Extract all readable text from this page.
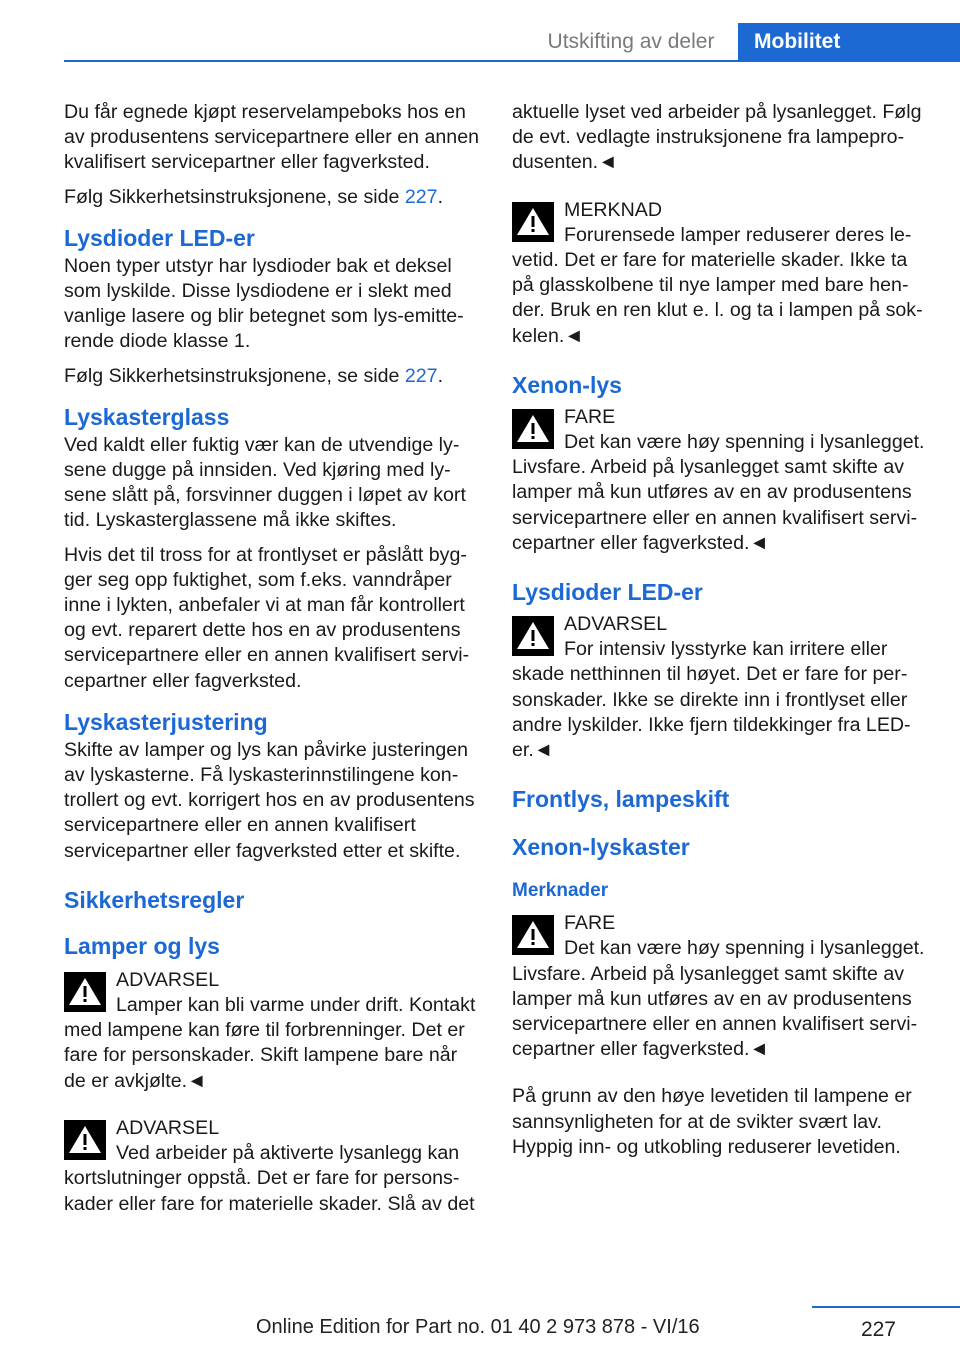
Utskifting av deler	Mobilitet

Du får egnede kjøpt reservelampeboks hos en av produsentens servicepartnere eller en annen kvalifisert servicepartner eller fagverksted.

Følg Sikkerhetsinstruksjonene, se side 227.

Lysdioder LED-er

Noen typer utstyr har lysdioder bak et deksel som lyskilde. Disse lysdiodene er i slekt med vanlige lasere og blir betegnet som lys-emitterende diode klasse 1.

Følg Sikkerhetsinstruksjonene, se side 227.

Lyskasterglass

Ved kaldt eller fuktig vær kan de utvendige lysene dugge på innsiden. Ved kjøring med lysene slått på, forsvinner duggen i løpet av kort tid. Lyskasterglassene må ikke skiftes.

Hvis det til tross for at frontlyset er påslått bygger seg opp fuktighet, som f.eks. vanndråper inne i lykten, anbefaler vi at man får kontrollert og evt. reparert dette hos en av produsentens servicepartnere eller en annen kvalifisert servicepartner eller fagverksted.

Lyskasterjustering

Skifte av lamper og lys kan påvirke justeringen av lyskasterne. Få lyskasterinnstilingene kontrollert og evt. korrigert hos en av produsentens servicepartnere eller en annen kvalifisert servicepartner eller fagverksted etter et skifte.

Sikkerhetsregler
Lamper og lys
ADVARSEL
Lamper kan bli varme under drift. Kontakt med lampene kan føre til forbrenninger. Det er fare for personskader. Skift lampene bare når de er avkjølte.◄
ADVARSEL
Ved arbeider på aktiverte lysanlegg kan kortslutninger oppstå. Det er fare for personskader eller fare for materielle skader. Slå av det

aktuelle lyset ved arbeider på lysanlegget. Følg de evt. vedlagte instruksjonene fra lampeprodusenten.◄

MERKNAD
Forurensede lamper reduserer deres levetid. Det er fare for materielle skader. Ikke ta på glasskolbene til nye lamper med bare hender. Bruk en ren klut e. l. og ta i lampen på sokkelen.◄
Xenon-lys
FARE
Det kan være høy spenning i lysanlegget. Livsfare. Arbeid på lysanlegget samt skifte av lamper må kun utføres av en av produsentens servicepartnere eller en annen kvalifisert servicepartner eller fagverksted.◄
Lysdioder LED-er
ADVARSEL
For intensiv lysstyrke kan irritere eller skade netthinnen til høyet. Det er fare for personskader. Ikke se direkte inn i frontlyset eller andre lyskilder. Ikke fjern tildekkinger fra LED-er.◄
Frontlys, lampeskift
Xenon-lyskaster
Merknader
FARE
Det kan være høy spenning i lysanlegget. Livsfare. Arbeid på lysanlegget samt skifte av lamper må kun utføres av en av produsentens servicepartnere eller en annen kvalifisert servicepartner eller fagverksted.◄

På grunn av den høye levetiden til lampene er sannsynligheten for at de svikter svært lav. Hyppig inn- og utkobling reduserer levetiden.

227
Online Edition for Part no. 01 40 2 973 878 - VI/16
